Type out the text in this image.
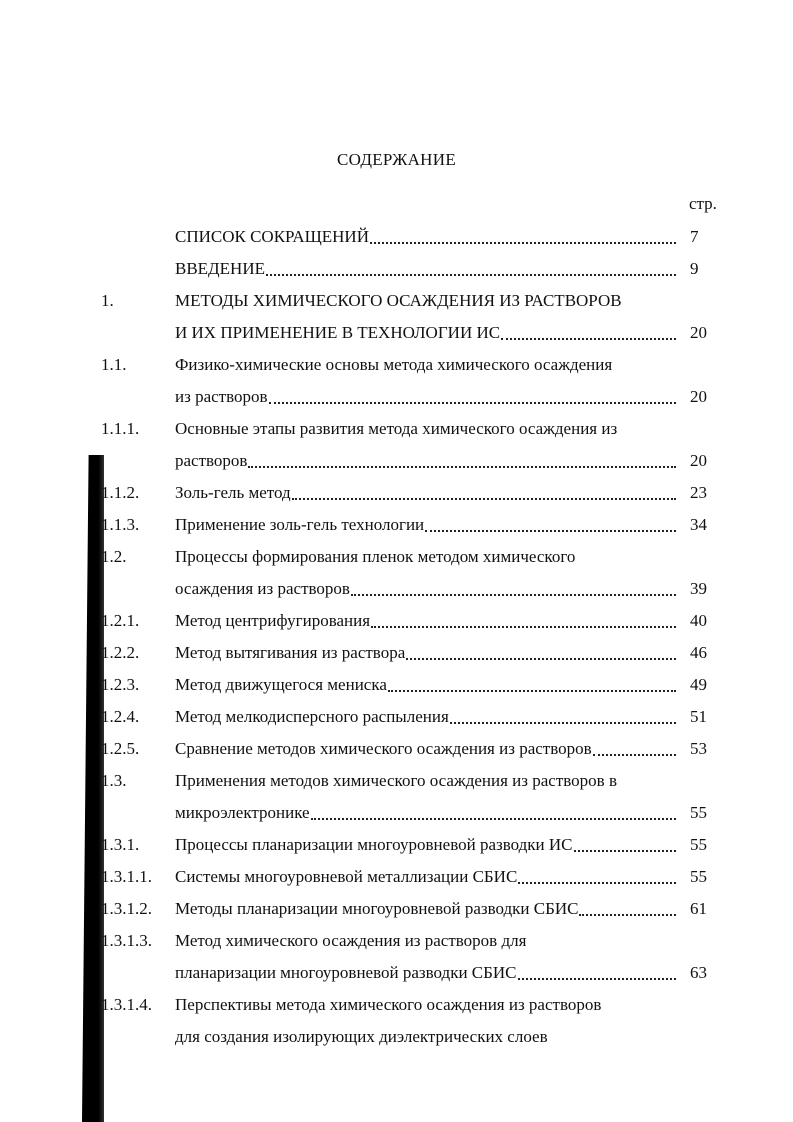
СОДЕРЖАНИЕ
стр.
СПИСОК СОКРАЩЕНИЙ	7
ВВЕДЕНИЕ	9
1.	МЕТОДЫ ХИМИЧЕСКОГО ОСАЖДЕНИЯ ИЗ РАСТВОРОВ
И ИХ ПРИМЕНЕНИЕ В ТЕХНОЛОГИИ ИС	20
1.1.	Физико-химические основы метода химического осаждения
из растворов	20
1.1.1. Основные этапы развития метода химического осаждения из
растворов	20
1.1.2. Золь-гель метод	23
1.1.3. Применение золь-гель технологии	34
1.2.	Процессы формирования пленок методом химического
осаждения из растворов	39
1.2.1. Метод центрифугирования	40
1.2.2. Метод вытягивания из раствора	46
1.2.3. Метод движущегося мениска	49
1.2.4. Метод мелкодисперсного распыления	51
1.2.5. Сравнение методов химического осаждения из растворов	53
1.3.	Применения методов химического осаждения из растворов в
микроэлектронике	55
1.3.1. Процессы планаризации многоуровневой разводки ИС	55
1.3.1.1. Системы многоуровневой металлизации СБИС	55
1.3.1.2. Методы планаризации многоуровневой разводки СБИС	61
1.3.1.3. Метод химического осаждения из растворов для
планаризации многоуровневой разводки СБИС	63
1.3.1.4. Перспективы метода химического осаждения из растворов
для создания изолирующих диэлектрических слоев
